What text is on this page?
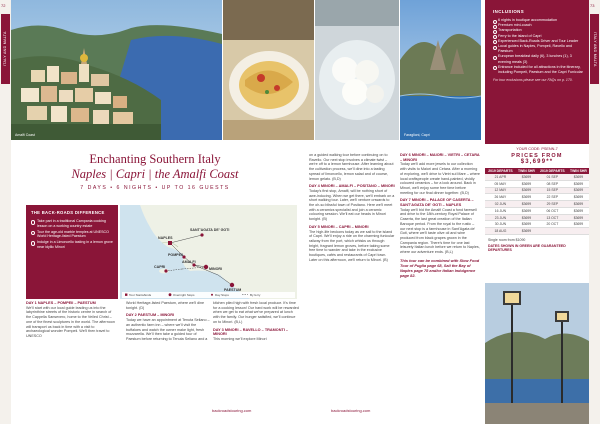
72
ITALY AND MALTA
73
ITALY AND MALTA
Amalfi Coast	Faraglioni, Capri
INCLUSIONS
6 nights in boutique accommodation
Premium mini-coach
Transportation
Ferry to the island of Capri
Experienced Back-Roads Driver and Tour Leader
Local guides in Naples, Pompeii, Ravello and Paestum
European breakfast daily (6), 3 lunches (1), 3 evening meals (3)
Entrance included for all attractions in the itinerary, including Pompeii, Paestum and the Capri Funicular
For tour exclusions please see our FAQs on p. 170.
Enchanting Southern Italy
Naples | Capri | the Amalfi Coast
7 DAYS • 6 NIGHTS • UP TO 16 GUESTS
THE BACK-ROADS DIFFERENCE
Take part in a traditional Campania cooking lesson on a working country estate
Tour the age-old marble temples at UNESCO World Heritage-listed Paestum
Indulge in a Limoncello tasting in a lemon grove near idyllic Minori
NAPLES
SANT'AGATA DE' GOTI
POMPEII
AMALFI
CAPRI	MINORI
PAESTUM
Tour Starts/Ends	Overnight Stops	Day Stops	By ferry

DAY 1 NAPLES – POMPEII – PAESTUM
We'll start with our local guide leading us into the labyrinthine streets of the historic centre in search of the Cappella Sansevero, home to the Veiled Christ – one of the finest sculptures in the world. The afternoon will transport us back in time with a visit to archaeological wonder Pompeii. We'll then travel to UNESCO

World Heritage-listed Paestum, where we'll dine tonight. (D)

DAY 2 PAESTUM – MINORI
Today we have an appointment at Tenuta Seliano – an authentic farm inn – where we'll visit the buffaloes and watch the owner make light, fresh mozzarella. We'll then take a guided tour of Paestum before returning to Tenuta Seliano and a

kitchen piled high with fresh local produce. It's time for a cooking lesson! Our hard work will be rewarded when we get to eat what we've prepared at lunch with the family. Our hunger satisfied, we'll continue on to Minori. (B,L)

DAY 3 MINORI – RAVELLO – TRAMONTI – MINORI
This morning we'll explore Minori

on a guided walking tour before continuing on to Ravello. Our next stop involves a climate twist – we're off to a lemon farmhouse. After learning about the cultivation process, we'll dine into a tasting spread of limoncello, lemon salad and of course, lemon gelato. (B,D)

DAY 4 MINORI – AMALFI – POSITANO – MINORI
Today's first stop, Amalfi, will be nothing short of awe-inducing. When we get there, we'll embark on a short walking tour. Later, we'll venture onwards to the oh-so blissful town of Positano. Here we'll meet with a ceramics specialist and join a ceramic colouring session. We'll eat our heads in Minori tonight. (B)

DAY 5 MINORI – CAPRI – MINORI
The high-life beckons today as we sail to the island of Capri. We'll enjoy a ride on the charming funicular railway from the port, which whisks us through bright, fragrant lemon groves, before taking some free time to wander and take in the exclusive boutiques, cafés and restaurants of Capri town. Later on this afternoon, we'll return to Minori. (B)

DAY 6 MINORI – MAIORI – VIETRI – CETARA – MINORI
Today we'll add more jewels to our collection with visits to Maiori and Cetara. After a morning of exploring, we'll drive to Vietri sul Mare – where local craftspeople create hand-painted, vividly coloured ceramics – for a look around. Back in Minori, we'll enjoy some free time before meeting for our final dinner together. (B,D)

DAY 7 MINORI – PALACE OF CASERTA – SANT'AGATA DE' GOTI – NAPLES
Today we'll bid the Amalfi Coast a fond farewell and drive to the 18th-century Royal Palace of Caserta, the last great creation of the Italian Baroque period. From the royal to the rustic – our next stop is a farmhouse in Sant'Agata de' Goti, where we'll taste olive oil and wine produced from black grapes grown in the Campania region. There's time for one last leisurely Italian lunch before we return to Naples, where our adventure ends. (B,L)

This tour can be combined with Slow Food Tour of Puglia page 68, Sail the Bay of Naples page 78 and/or Italian Indulgence page 82.

backroadstouring.com	backroadstouring.com
YOUR CODE: PSENN-7
PRICES FROM
$3,699**
2019 DEPARTS	TWIN SHR	2019 DEPARTS	TWIN SHR
21 APR	$3699	01 SEP	$3699
05 MAY	$3699	08 SEP	$3699
12 MAY	$3699	15 SEP	$3699
26 MAY	$3699	22 SEP	$3699
02 JUN	$3699	29 SEP	$3699
16 JUN	$3699	06 OCT	$3699
23 JUN	$3699	13 OCT	$3699
30 JUN	$3699	20 OCT	$3699
18 AUG	$3699		
Single room from $1090
DATES SHOWN IN GREEN ARE GUARANTEED DEPARTURES
